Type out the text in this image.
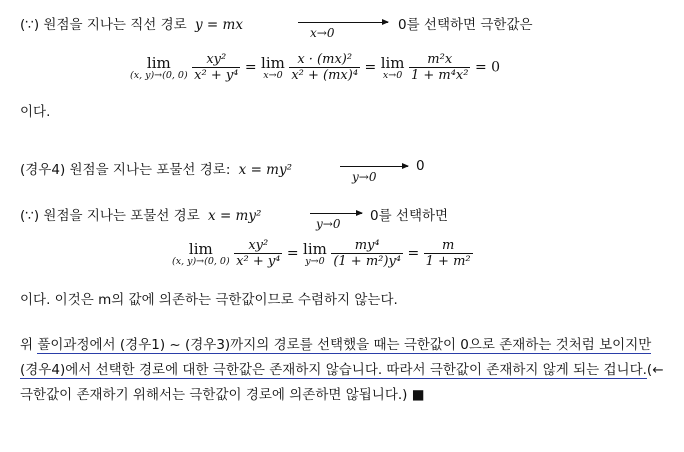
(∵) 원점을 지나는 직선 경로 y = mx	x→0	0를 선택하면 극한값은
lim
(x, y)→(0, 0)
$\frac{\text{xy²}}{\text{x² + y⁴}} = \lim$
x→0
$\frac{\text{x · (mx)²}}{\text{x² + (mx)⁴}} = \lim$
x→0
$\frac{\text{m²x}}{\text{1 + m⁴x²}} = 0$
이다.
(경우4) 원점을 지나는 포물선 경로: x = my²	y→0
0
(∵) 원점을 지나는 포물선 경로 x = my²	y→0 0를 선택하면
lim
(x, y)→(0, 0)
$\frac{\text{xy²}}{\text{x² + y⁴}} = \lim$
y→0
$\frac{\text{my⁴}}{\text{(1 + m²)y⁴}} = \frac{m}{\text{1 + m²}}$
이다. 이것은 m의 값에 의존하는 극한값이므로 수렴하지 않는다.
위 풀이과정에서 (경우1) ~ (경우3)까지의 경로를 선택했을 때는 극한값이 0으로 존재하는 것처럼 보이지만 (경우4)에서 선택한 경로에 대한 극한값은 존재하지 않습니다. 따라서 극한값이 존재하지 않게 되는 겁니다.(←극한값이 존재하기 위해서는 극한값이 경로에 의존하면 않됩니다.) ■
